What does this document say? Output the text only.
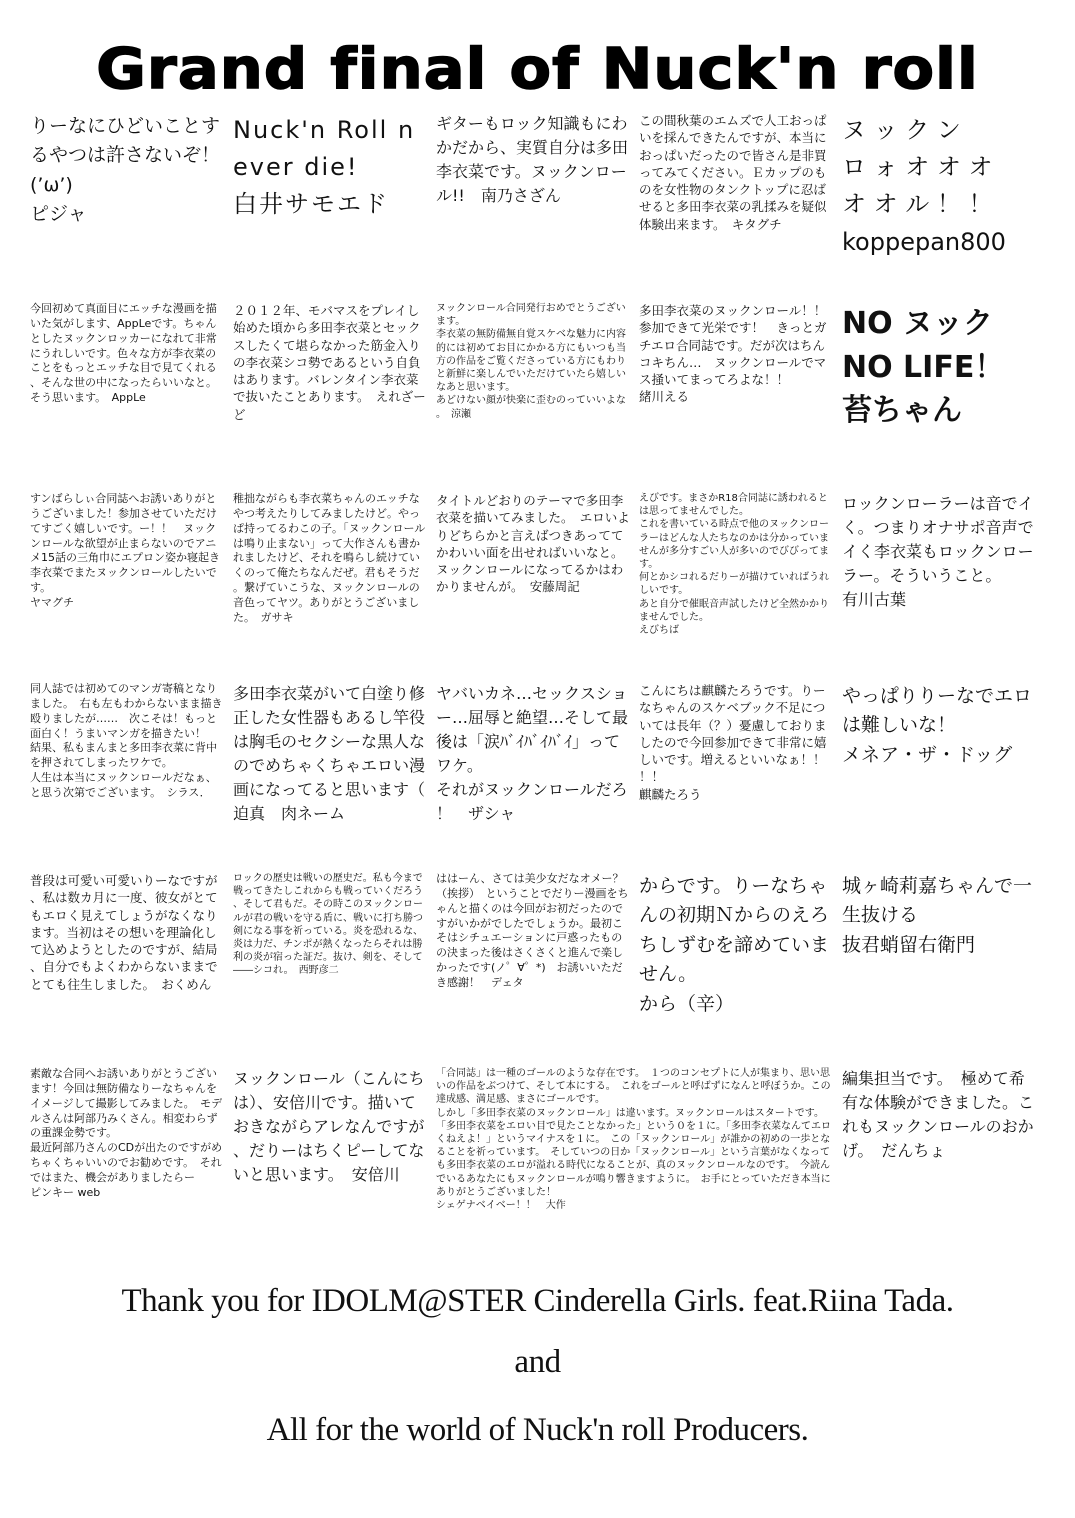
Grand final of Nuck'n roll
りーなにひどいことするやつは許さないぞ！(’ω’)
ピジャ
Nuck'n Roll never die!
白井サモエド
ギターもロック知識もにわかだから、実質自分は多田李衣菜です。ヌックンロール!!　南乃さざん
この間秋葉のエムズで人工おっぱいを採んできたんですが、本当におっぱいだったので皆さん是非買ってみてください。Ｅカップのものを女性物のタンクトップに忍ばせると多田李衣菜の乳揉みを疑似体験出来ます。　キタグチ
ヌ ッ ク ン
ロ ォ オ オ オ
オ オ ル ！ ！
koppepan800
今回初めて真面目にエッチな漫画を描いた気がします、AppLeです。ちゃんとしたヌックンロッカーになれて非常にうれしいです。色々な方が李衣菜のことをもっとエッチな目で見てくれる、そんな世の中になったらいいなと。そう思います。　AppLe
２０１２年、モバマスをプレイし始めた頃から多田李衣菜とセックスしたくて堪らなかった筋金入りの李衣菜シコ勢であるという自負はあります。バレンタイン李衣菜で抜いたことあります。　えれざーど
ヌックンロール合同発行おめでとうございます。
李衣菜の無防備無自覚スケベな魅力に内容的には初めてお目にかかる方にもいつも当方の作品をご覧くださっている方にもわりと新鮮に楽しんでいただけていたら嬉しいなあと思います。
あどけない顔が快楽に歪むのっていいよな。　涼瀬
多田李衣菜のヌックンロール！！参加できて光栄です！　きっとガチエロ合同誌です。だが次はちんコキちん…　ヌックンロールでマス掻いてまってろよな！！
緒川える
NO ヌック
NO LIFE！
苔ちゃん
すンばらしぃ合同誌へお誘いありがとうございました！参加させていただけてすごく嬉しいです。ー！！　ヌックンロールな欲望が止まらないのでアニメ15話の三角巾にエプロン姿か寝起き李衣菜でまたヌックンロールしたいです。
ヤマグチ
稚拙ながらも李衣菜ちゃんのエッチなやつ考えたりしてみましたけど。やっぱ持ってるわこの子。「ヌックンロールは鳴り止まない」って大作さんも書かれましたけど、それを鳴らし続けていくのって俺たちなんだぜ。君もそうだ。繋げていこうな、ヌックンロールの音色ってヤツ。ありがとうございました。　ガサキ
タイトルどおりのテーマで多田李衣菜を描いてみました。　エロいよりどちらかと言えばつきあってて かわいい面を出せればいいなと。　ヌックンロールになってるかはわかりませんが。　安藤周記
えびです。まさかR18合同誌に誘われるとは思ってませんでした。
これを書いている時点で他のヌックンローラーはどんな人たちなのかは分かっていませんが多分すごい人が多いのでびびってます。
何とかシコれるだりーが描けていればうれしいです。
あと自分で催眠音声試したけど全然かかりませんでした。
えびちば
ロックンローラーは音でイく。つまりオナサポ音声でイく李衣菜もロックンローラー。そういうこと。
有川古葉
同人誌では初めてのマンガ寄稿となりました。　右も左もわからないまま描き殴りましたが……　次こそは！もっと面白く！うまいマンガを描きたい！　結果、私もまんまと多田李衣菜に背中を押されてしまったワケで。
人生は本当にヌックンロールだなぁ、と思う次第でございます。　シラス．
多田李衣菜がいて白塗り修正した女性器もあるし竿役は胸毛のセクシーな黒人なのでめちゃくちゃエロい漫画になってると思います（迫真　肉ネーム
ヤバいカネ…セックスショー…屈辱と絶望…そして最後は「涙ﾊﾞｲﾊﾞｲﾊﾞｲ」ってワケ。
それがヌックンロールだろ！　ザシャ
こんにちは麒麟たろうです。りーなちゃんのスケベブック不足については長年（？）憂慮しておりましたので今回参加できて非常に嬉しいです。増えるといいなぁ！！！！
麒麟たろう
やっぱりりーなでエロは難しいな！
メネア・ザ・ドッグ
普段は可愛い可愛いりーなですが、私は数カ月に一度、彼女がとてもエロく見えてしょうがなくなります。当初はその想いを理論化して込めようとしたのですが、結局、自分でもよくわからないままでとても往生しました。　おくめん
ロックの歴史は戦いの歴史だ。私も今まで戦ってきたしこれからも戦っていくだろう、そして君もだ。その時このヌックンロールが君の戦いを守る盾に、戦いに打ち勝つ剣になる事を祈っている。炎を恐れるな、炎は力だ、チンポが熱くなったらそれは勝利の炎が宿った証だ。抜け、剣を、そして――シコれ。　西野彦二
ははーん、さては美少女だなオメー？（挨拶）　ということでだりー漫画をちゃんと描くのは今回がお初だったのですがいかがでしたでしょうか。最初こそはシチュエーションに戸惑ったものの決まった後はさくさくと進んで楽しかったです(ノ゜∀゜*)　お誘いいただき感謝！　デェタ
からです。りーなちゃんの初期Ｎからのえろちしずむを諦めていません。
から（辛）
城ヶ崎莉嘉ちゃんで一生抜ける
抜君蛸留右衛門
素敵な合同へお誘いありがとうございます！今回は無防備なりーなちゃんをイメージして撮影してみました。　モデルさんは阿部乃みくさん。相変わらずの重課金勢です。
最近阿部乃さんのCDが出たのですがめちゃくちゃいいのでお勧めです。　それではまた、機会がありましたらー
ピンキー web
ヌックンロール（こんにちは）、安倍川です。描いておきながらアレなんですが、だりーはちくピーしてないと思います。　安倍川
「合同誌」は一種のゴールのような存在です。　１つのコンセプトに人が集まり、思い思いの作品をぶつけて、そして本にする。　これをゴールと呼ばずになんと呼ぼうか。この達成感、満足感、まさにゴールです。
しかし「多田李衣菜のヌックンロール」は違います。ヌックンロールはスタートです。　「多田李衣菜をエロい目で見たことなかった」という０を１に。「多田李衣菜なんてエロくねえよ！」というマイナスを１に。　この「ヌックンロール」が誰かの初めの一歩となることを祈っています。　そしていつの日か「ヌックンロール」という言葉がなくなっても多田李衣菜のエロが溢れる時代になることが、真のヌックンロールなのです。　今読んでいるあなたにもヌックンロールが鳴り響きますように。　お手にとっていただき本当にありがとうございました！
シェゲナベイベー！！　大作
編集担当です。　極めて希有な体験ができました。これもヌックンロールのおかげ。　だんちょ
Thank you for IDOLM@STER Cinderella Girls. feat.Riina Tada.
and
All for the world of Nuck'n roll Producers.
